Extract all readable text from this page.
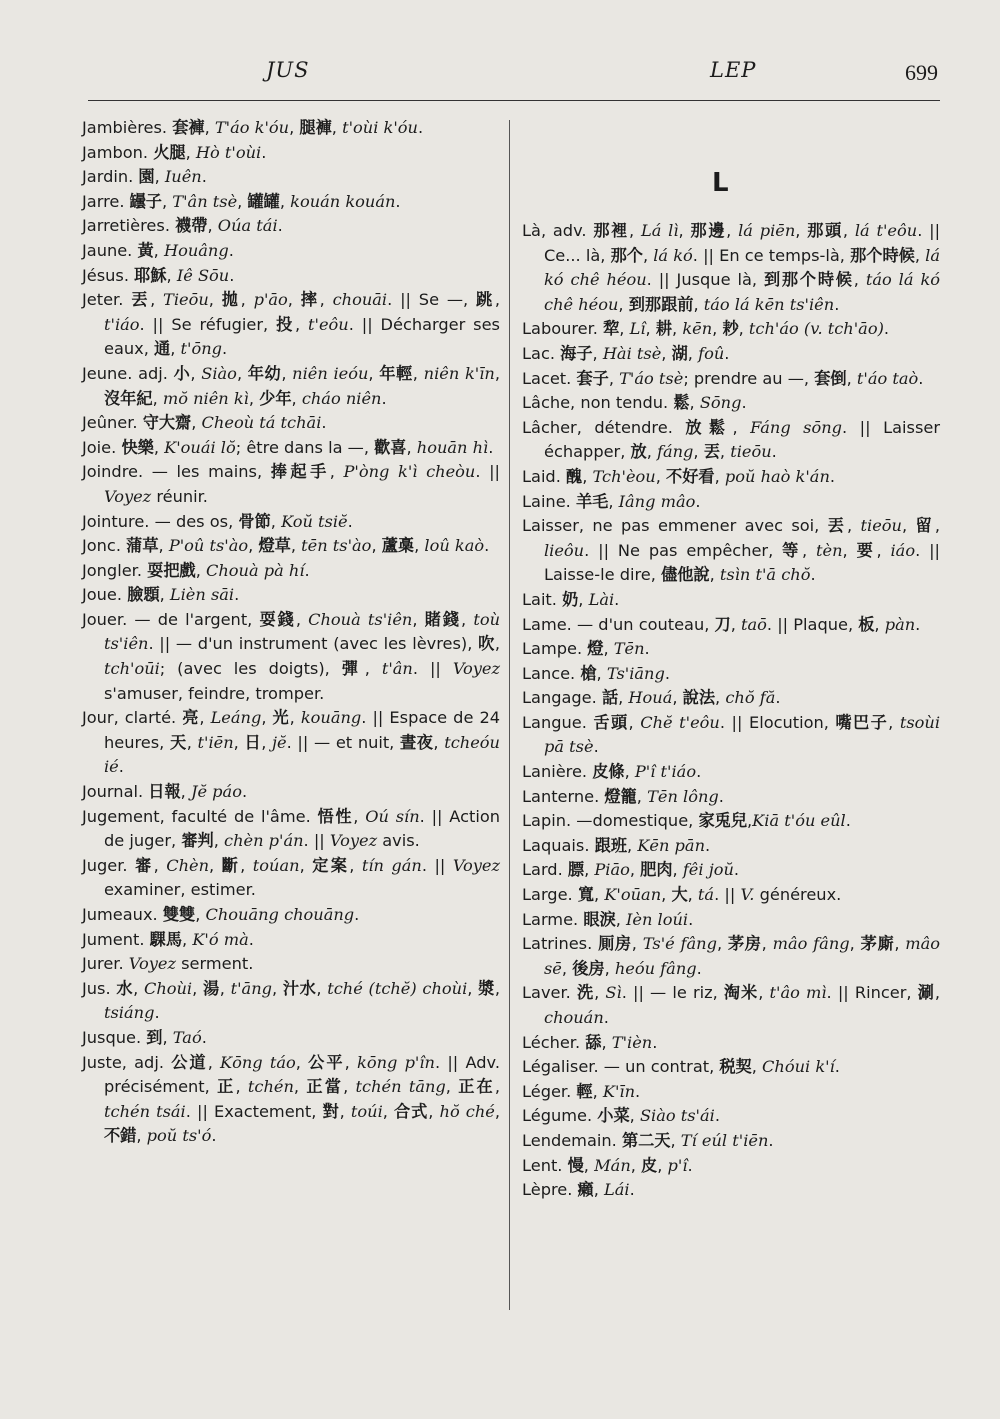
JUS	LEP	699

Jambières. 套褲, T'áo k'óu, 腿褲, t'oùi k'óu.

Jambon. 火腿, Hò t'oùi.

Jardin. 園, Iuên.

Jarre. 罎子, T'ân tsè, 罐罐, kouán kouán.

Jarretières. 襪帶, Oúa tái.

Jaune. 黃, Houâng.

Jésus. 耶穌, Iê Sōu.

Jeter. 丟, Tieōu, 拋, p'āo, 摔, chouāi. || Se —, 跳, t'iáo. || Se réfugier, 投, t'eôu. || Décharger ses eaux, 通, t'ōng.

Jeune. adj. 小, Siào, 年幼, niên ieóu, 年輕, niên k'īn, 沒年紀, mŏ niên kì, 少年, cháo niên.

Jeûner. 守大齋, Cheoù tá tchāi.

Joie. 快樂, K'ouái lŏ; être dans la —, 歡喜, houān hì.

Joindre. — les mains, 捧起手, P'òng k'ì cheòu. || Voyez réunir.

Jointure. — des os, 骨節, Koŭ tsiĕ.

Jonc. 蒲草, P'oû ts'ào, 燈草, tēn ts'ào, 蘆槀, loû kaò.

Jongler. 耍把戲, Chouà pà hí.

Joue. 臉顋, Lièn sāi.

Jouer. — de l'argent, 耍錢, Chouà ts'iên, 賭錢, toù ts'iên. || — d'un instrument (avec les lèvres), 吹, tch'oūi; (avec les doigts), 彈, t'ân. || Voyez s'amuser, feindre, tromper.

Jour, clarté. 亮, Leáng, 光, kouāng. || Espace de 24 heures, 天, t'iēn, 日, jĕ. || — et nuit, 晝夜, tcheóu ié.

Journal. 日報, Jĕ páo.

Jugement, faculté de l'âme. 悟性, Oú sín. || Action de juger, 審判, chèn p'án. || Voyez avis.

Juger. 審, Chèn, 斷, toúan, 定案, tín gán. || Voyez examiner, estimer.

Jumeaux. 雙雙, Chouāng chouāng.

Jument. 騍馬, K'ó mà.

Jurer. Voyez serment.

Jus. 水, Choùi, 湯, t'āng, 汁水, tché (tchĕ) choùi, 漿, tsiáng.

Jusque. 到, Taó.

Juste, adj. 公道, Kōng táo, 公平, kōng p'în. || Adv. précisément, 正, tchén, 正當, tchén tāng, 正在, tchén tsái. || Exactement, 對, toúi, 合式, hŏ ché, 不錯, poŭ ts'ó.

L

Là, adv. 那裡, Lá lì, 那邊, lá piēn, 那頭, lá t'eôu. || Ce... là, 那个, lá kó. || En ce temps-là, 那个時候, lá kó chê héou. || Jusque là, 到那个時候, táo lá kó chê héou, 到那跟前, táo lá kēn ts'iên.

Labourer. 犂, Lî, 耕, kēn, 耖, tch'áo (v. tch'āo).

Lac. 海子, Hài tsè, 湖, foû.

Lacet. 套子, T'áo tsè; prendre au —, 套倒, t'áo taò.

Lâche, non tendu. 鬆, Sōng.

Lâcher, détendre. 放鬆, Fáng sōng. || Laisser échapper, 放, fáng, 丟, tieōu.

Laid. 醜, Tch'èou, 不好看, poŭ haò k'án.

Laine. 羊毛, Iâng mâo.

Laisser, ne pas emmener avec soi, 丟, tieōu, 留, lieôu. || Ne pas empêcher, 等, tèn, 要, iáo. || Laisse-le dire, 儘他說, tsìn t'ā chŏ.

Lait. 奶, Lài.

Lame. — d'un couteau, 刀, taō. || Plaque, 板, pàn.

Lampe. 燈, Tēn.

Lance. 槍, Ts'iāng.

Langage. 話, Houá, 說法, chŏ fă.

Langue. 舌頭, Chĕ t'eôu. || Elocution, 嘴巴子, tsoùi pā tsè.

Lanière. 皮條, P'î t'iáo.

Lanterne. 燈籠, Tēn lông.

Lapin. —domestique, 家兎兒,Kiā t'óu eûl.

Laquais. 跟班, Kēn pān.

Lard. 膘, Piāo, 肥肉, fêi joŭ.

Large. 寬, K'oūan, 大, tá. || V. généreux.

Larme. 眼淚, Ièn loúi.

Latrines. 厠房, Ts'é fâng, 茅房, mâo fâng, 茅廝, mâo sē, 後房, heóu fâng.

Laver. 洗, Sì. || — le riz, 淘米, t'âo mì. || Rincer, 涮, chouán.

Lécher. 舔, T'ièn.

Légaliser. — un contrat, 税契, Chóui k'í.

Léger. 輕, K'īn.

Légume. 小菜, Siào ts'ái.

Lendemain. 第二天, Tí eúl t'iēn.

Lent. 慢, Mán, 皮, p'î.

Lèpre. 癩, Lái.
